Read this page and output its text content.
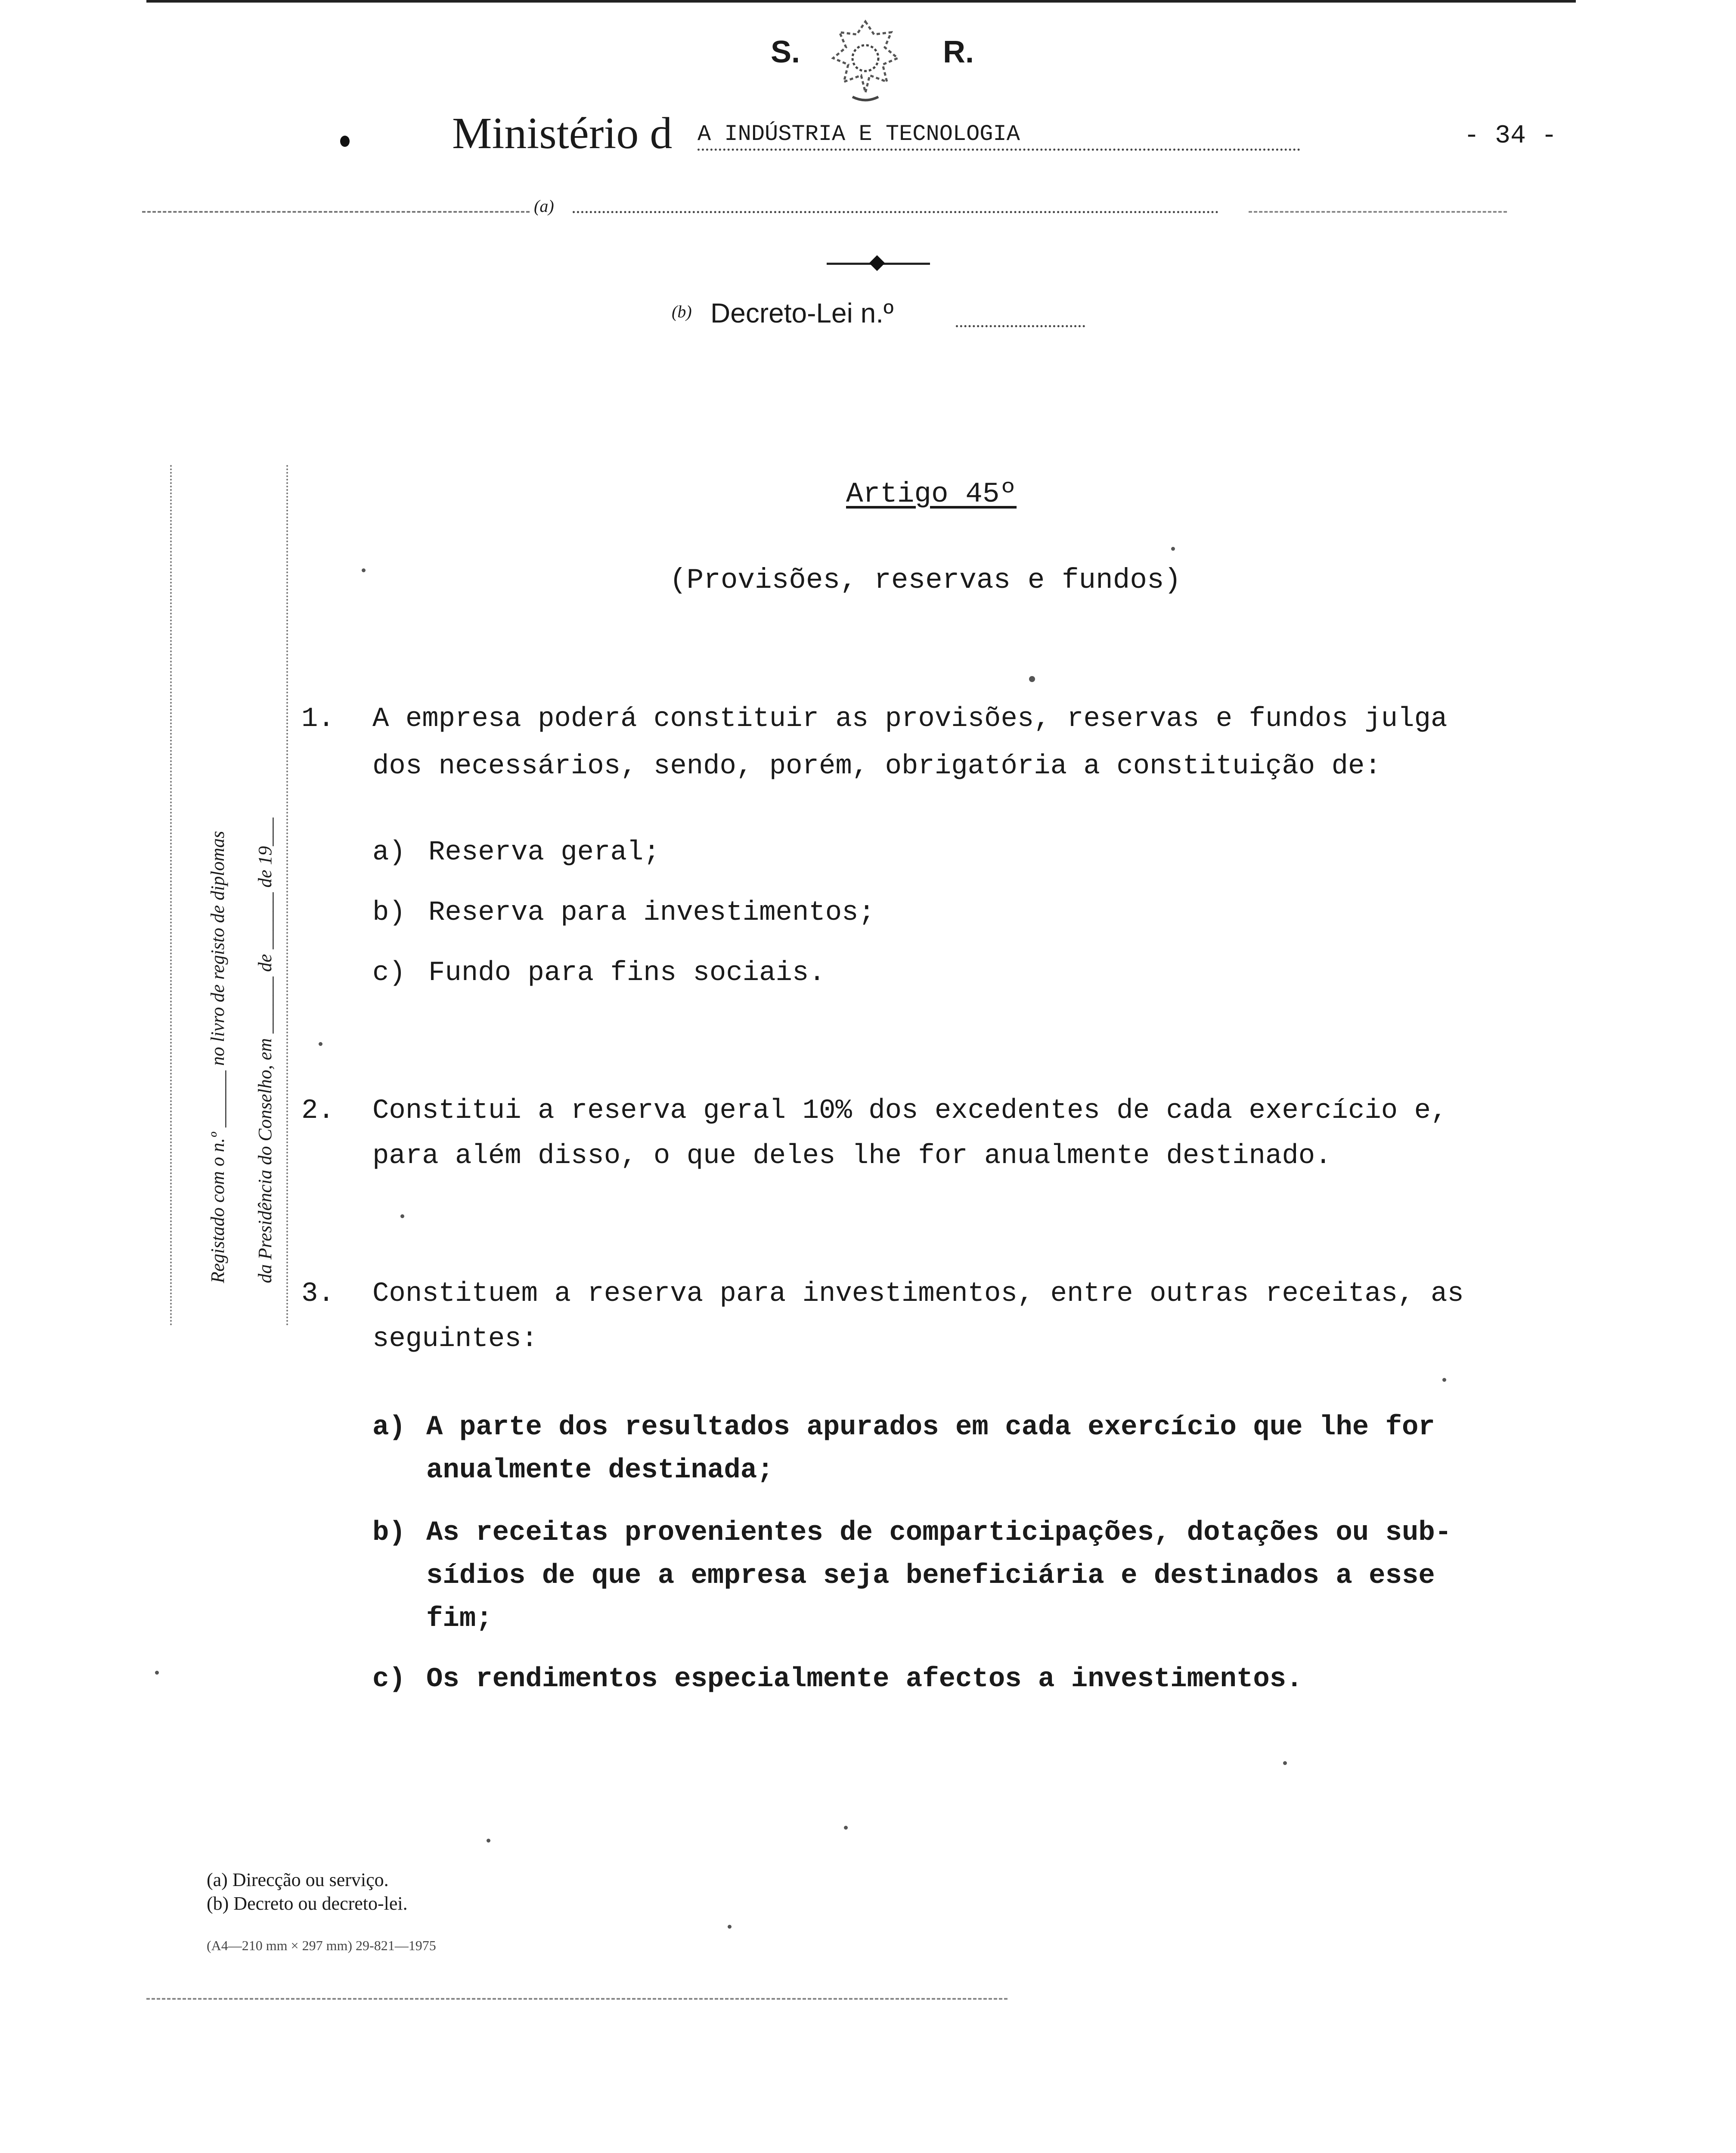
S.	R.
Ministério d A INDÚSTRIA E TECNOLOGIA	- 34 -
(a)
(b) Decreto-Lei n.º
Registado com o n.º ______ no livro de registo de diplomas da Presidência do Conselho, em ______ de ______ de 19___
Artigo 45º
(Provisões, reservas e fundos)
1. A empresa poderá constituir as provisões, reservas e fundos julga
dos necessários, sendo, porém, obrigatória a constituição de:
a) Reserva geral;
b) Reserva para investimentos;
c) Fundo para fins sociais.
2. Constitui a reserva geral 10% dos excedentes de cada exercício e,
para além disso, o que deles lhe for anualmente destinado.
3. Constituem a reserva para investimentos, entre outras receitas, as
seguintes:
a) A parte dos resultados apurados em cada exercício que lhe for
anualmente destinada;
b) As receitas provenientes de comparticipações, dotações ou sub-
sídios de que a empresa seja beneficiária e destinados a esse
fim;
c) Os rendimentos especialmente afectos a investimentos.
(a) Direcção ou serviço.
(b) Decreto ou decreto-lei.
(A4—210 mm × 297 mm) 29-821—1975
